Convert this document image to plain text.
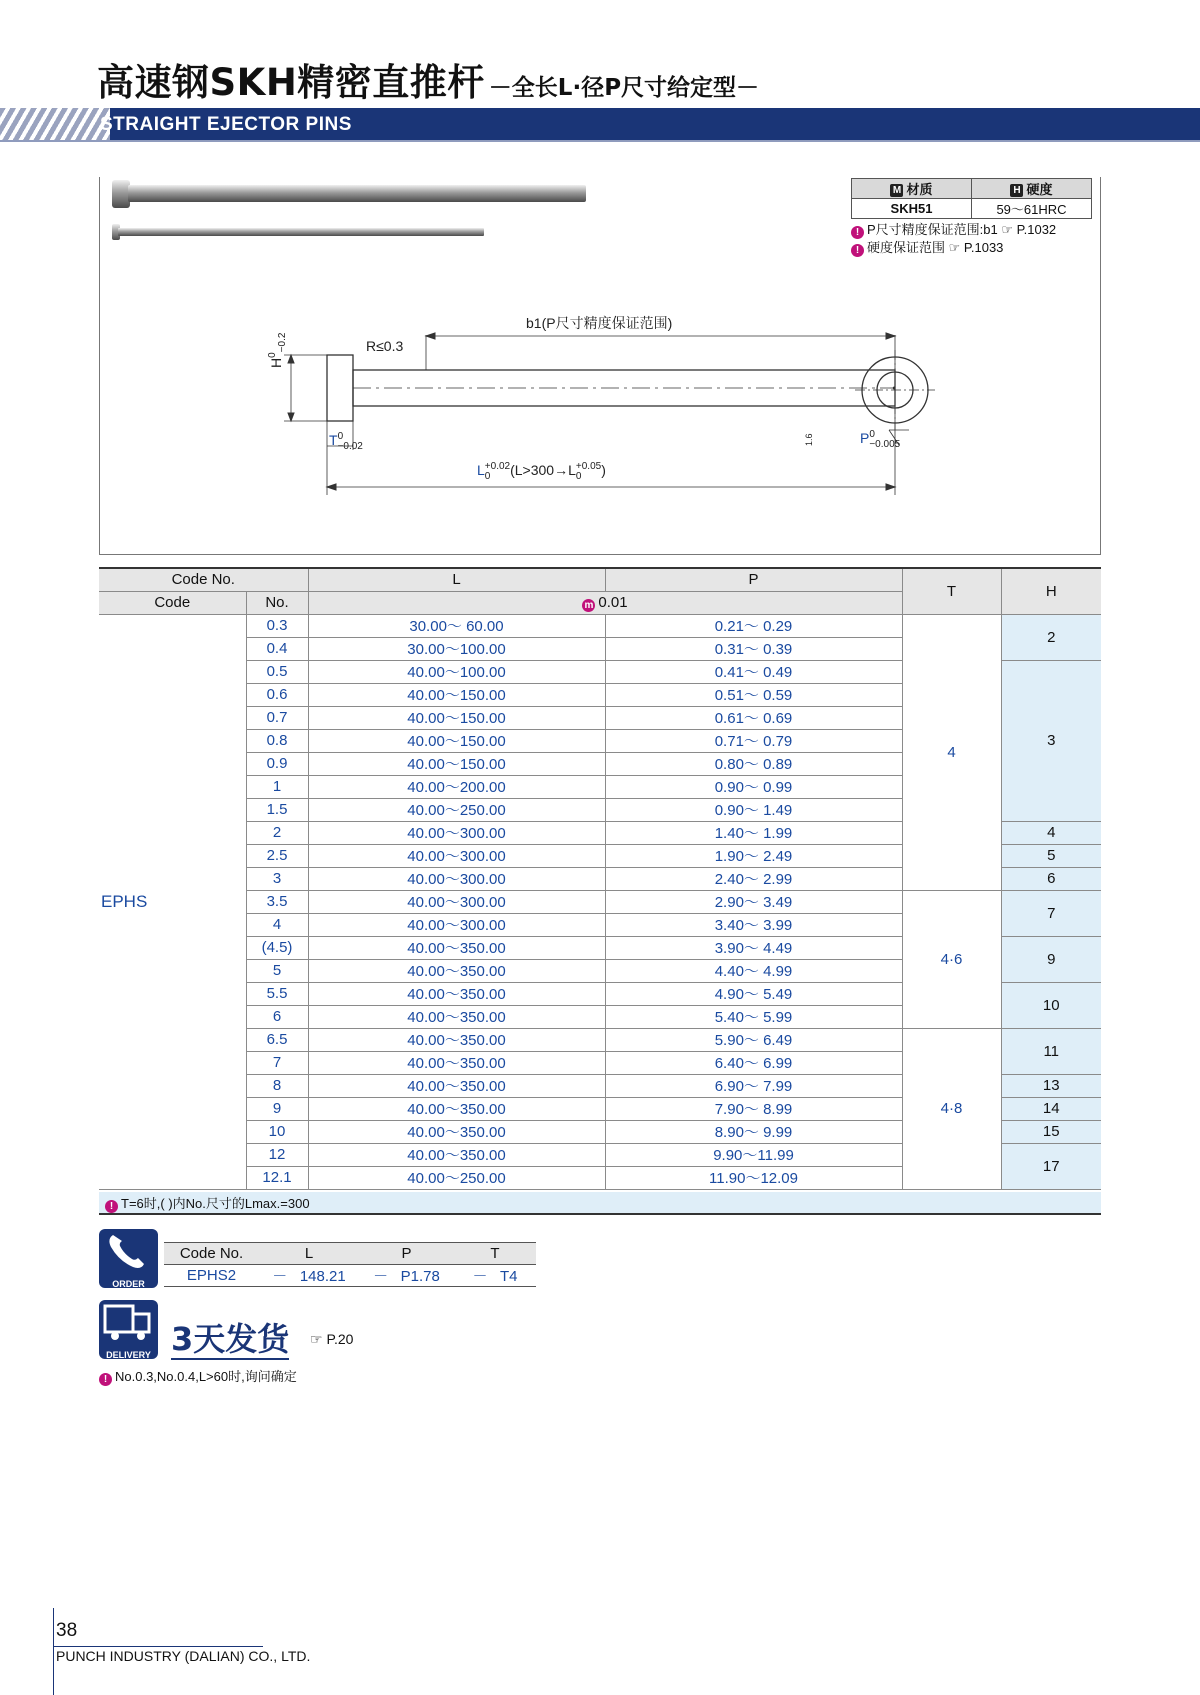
高速钢SKH精密直推杆 －全长L·径P尺寸给定型－
STRAIGHT EJECTOR PINS
M 材质	H 硬度
SKH51	59～61HRC
! P尺寸精度保证范围:b1 ☞ P.1032
! 硬度保证范围 ☞ P.1033
b1(P尺寸精度保证范围)
R≤0.3
$H^0_{-0.2}$
T 0
−0.02
L +0.02
0	(L>300→L +0.05
0	)
P 0
−0.005
1.6
Code No.		L	P	T	H
Code	No.	m 0.01			
EPHS	0.3	30.00～ 60.00	0.21～ 0.29	4	2
	0.4	30.00～100.00	0.31～ 0.39		
	0.5	40.00～100.00	0.41～ 0.49		3
	0.6	40.00～150.00	0.51～ 0.59		
	0.7	40.00～150.00	0.61～ 0.69		
	0.8	40.00～150.00	0.71～ 0.79		
	0.9	40.00～150.00	0.80～ 0.89		
	1	40.00～200.00	0.90～ 0.99		
	1.5	40.00～250.00	0.90～ 1.49		
	2	40.00～300.00	1.40～ 1.99		4
	2.5	40.00～300.00	1.90～ 2.49		5
	3	40.00～300.00	2.40～ 2.99		6
	3.5	40.00～300.00	2.90～ 3.49	4·6	7
	4	40.00～300.00	3.40～ 3.99		
	(4.5)	40.00～350.00	3.90～ 4.49		9
	5	40.00～350.00	4.40～ 4.99		
	5.5	40.00～350.00	4.90～ 5.49		10
	6	40.00～350.00	5.40～ 5.99		
	6.5	40.00～350.00	5.90～ 6.49	4·8	11
	7	40.00～350.00	6.40～ 6.99		
	8	40.00～350.00	6.90～ 7.99		13
	9	40.00～350.00	7.90～ 8.99		14
	10	40.00～350.00	8.90～ 9.99		15
	12	40.00～350.00	9.90～11.99		17
	12.1	40.00～250.00	11.90～12.09		
! T=6时,( )内No.尺寸的Lmax.=300
ORDER
Code No.	L	P	T
EPHS2	－ 148.21	－ P1.78	－ T4
DELIVERY 3天发货 ☞ P.20
! No.0.3,No.0.4,L>60时,询问确定
38
PUNCH INDUSTRY (DALIAN) CO., LTD.
